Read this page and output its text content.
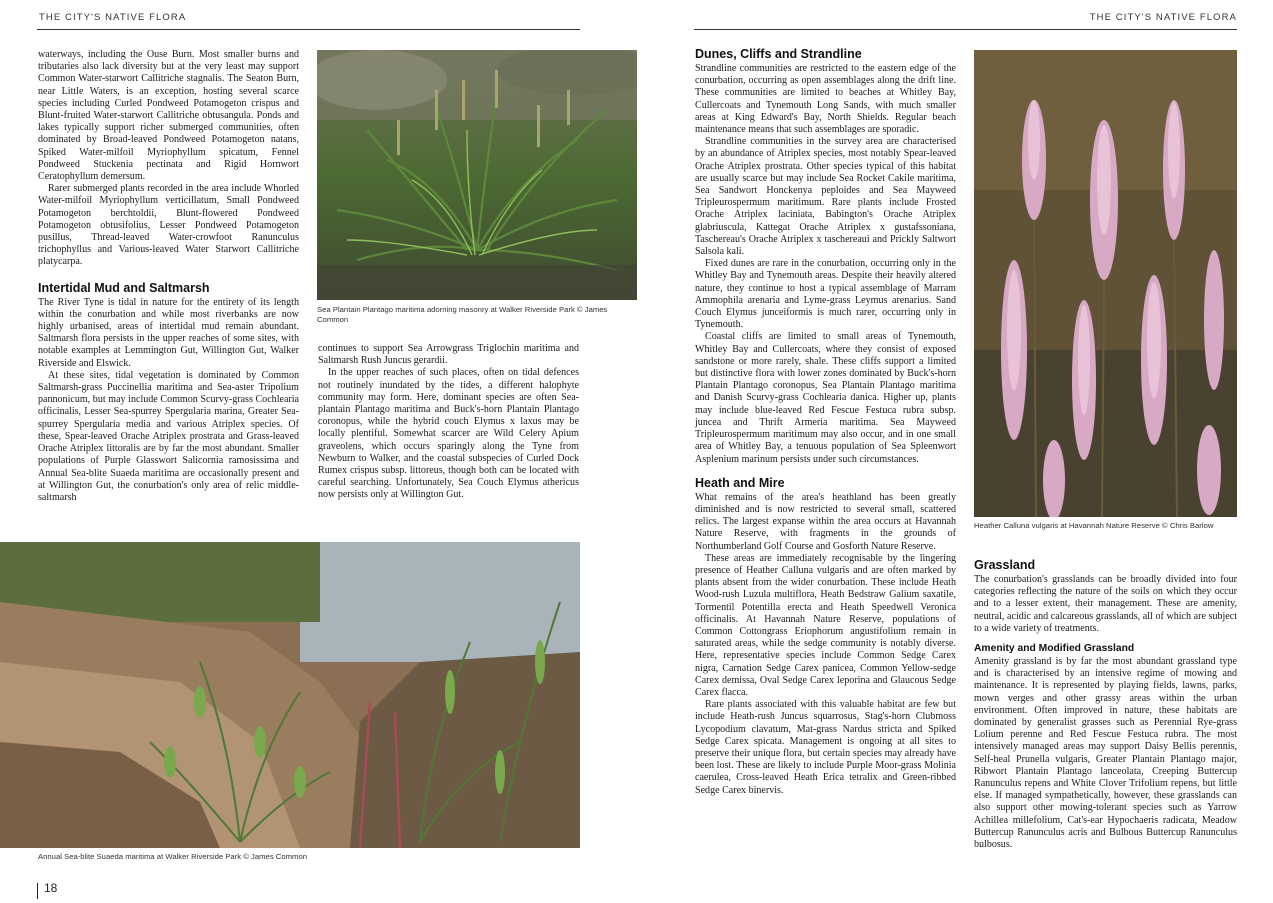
THE CITY'S NATIVE FLORA	THE CITY'S NATIVE FLORA

waterways, including the Ouse Burn. Most smaller burns and tributaries also lack diversity but at the very least may support Common Water-starwort Callitriche stagnalis. The Seaton Burn, near Little Waters, is an exception, hosting several scarce species including Curled Pondweed Potamogeton crispus and Blunt-fruited Water-starwort Callitriche obtusangula. Ponds and lakes typically support richer submerged communities, often dominated by Broad-leaved Pondweed Potamogeton natans, Spiked Water-milfoil Myriophyllum spicatum, Fennel Pondweed Stuckenia pectinata and Rigid Hornwort Ceratophyllum demersum.

Rarer submerged plants recorded in the area include Whorled Water-milfoil Myriophyllum verticillatum, Small Pondweed Potamogeton berchtoldii, Blunt-flowered Pondweed Potamogeton obtusifolius, Lesser Pondweed Potamogeton pusillus, Thread-leaved Water-crowfoot Ranunculus trichophyllus and Various-leaved Water Starwort Callitriche platycarpa.

Intertidal Mud and Saltmarsh

The River Tyne is tidal in nature for the entirety of its length within the conurbation and while most riverbanks are now highly urbanised, areas of intertidal mud remain abundant. Saltmarsh flora persists in the upper reaches of some sites, with notable examples at Lemmington Gut, Willington Gut, Walker Riverside and Elswick.

At these sites, tidal vegetation is dominated by Common Saltmarsh-grass Puccinellia maritima and Sea-aster Tripolium pannonicum, but may include Common Scurvy-grass Cochlearia officinalis, Lesser Sea-spurrey Spergularia marina, Greater Sea-spurrey Spergularia media and various Atriplex species. Of these, Spear-leaved Orache Atriplex prostrata and Grass-leaved Orache Atriplex littoralis are by far the most abundant. Smaller populations of Purple Glasswort Salicornia ramosissima and Annual Sea-blite Suaeda maritima are occasionally present and at Willington Gut, the conurbation's only area of relic middle-saltmarsh

Sea Plantain Plantago maritima adorning masonry at Walker Riverside Park © James Common

continues to support Sea Arrowgrass Triglochin maritima and Saltmarsh Rush Juncus gerardii.

In the upper reaches of such places, often on tidal defences not routinely inundated by the tides, a different halophyte community may form. Here, dominant species are often Sea-plantain Plantago maritima and Buck's-horn Plantain Plantago coronopus, while the hybrid couch Elymus x laxus may be locally plentiful. Somewhat scarcer are Wild Celery Apium graveolens, which occurs sparingly along the Tyne from Newburn to Walker, and the coastal subspecies of Curled Dock Rumex crispus subsp. littoreus, though both can be located with careful searching. Unfortunately, Sea Couch Elymus athericus now persists only at Willington Gut.

Annual Sea-blite Suaeda maritima at Walker Riverside Park © James Common
18
Dunes, Cliffs and Strandline

Strandline communities are restricted to the eastern edge of the conurbation, occurring as open assemblages along the drift line. These communities are limited to beaches at Whitley Bay, Cullercoats and Tynemouth Long Sands, with much smaller areas at King Edward's Bay, North Shields. Regular beach maintenance means that such assemblages are sporadic.

Strandline communities in the survey area are characterised by an abundance of Atriplex species, most notably Spear-leaved Orache Atriplex prostrata. Other species typical of this habitat are usually scarce but may include Sea Rocket Cakile maritima, Sea Sandwort Honckenya peploides and Sea Mayweed Tripleurospermum maritimum. Rare plants include Frosted Orache Atriplex laciniata, Babington's Orache Atriplex glabriuscula, Kattegat Orache Atriplex x gustafssoniana, Taschereau's Orache Atriplex x taschereaui and Prickly Saltwort Salsola kali.

Fixed dunes are rare in the conurbation, occurring only in the Whitley Bay and Tynemouth areas. Despite their heavily altered nature, they continue to host a typical assemblage of Marram Ammophila arenaria and Lyme-grass Leymus arenarius. Sand Couch Elymus junceiformis is much rarer, occurring only in Tynemouth.

Coastal cliffs are limited to small areas of Tynemouth, Whitley Bay and Cullercoats, where they consist of exposed sandstone or more rarely, shale. These cliffs support a limited but distinctive flora with lower zones dominated by Buck's-horn Plantain Plantago coronopus, Sea Plantain Plantago maritima and Danish Scurvy-grass Cochlearia danica. Higher up, plants may include blue-leaved Red Fescue Festuca rubra subsp. juncea and Thrift Armeria maritima. Sea Mayweed Tripleurospermum maritimum may also occur, and in one small area of Whitley Bay, a tenuous population of Sea Spleenwort Asplenium marinum persists under such circumstances.

Heath and Mire

What remains of the area's heathland has been greatly diminished and is now restricted to several small, scattered relics. The largest expanse within the area occurs at Havannah Nature Reserve, with fragments in the grounds of Northumberland Golf Course and Gosforth Nature Reserve.

These areas are immediately recognisable by the lingering presence of Heather Calluna vulgaris and are often marked by plants absent from the wider conurbation. These include Heath Wood-rush Luzula multiflora, Heath Bedstraw Galium saxatile, Tormentil Potentilla erecta and Heath Speedwell Veronica officinalis. At Havannah Nature Reserve, populations of Common Cottongrass Eriophorum angustifolium remain in saturated areas, while the sedge community is notably diverse. Here, representative species include Common Sedge Carex nigra, Carnation Sedge Carex panicea, Common Yellow-sedge Carex demissa, Oval Sedge Carex leporina and Glaucous Sedge Carex flacca.

Rare plants associated with this valuable habitat are few but include Heath-rush Juncus squarrosus, Stag's-horn Clubmoss Lycopodium clavatum, Mat-grass Nardus stricta and Spiked Sedge Carex spicata. Management is ongoing at all sites to preserve their unique flora, but certain species may already have been lost. These are likely to include Purple Moor-grass Molinia caerulea, Cross-leaved Heath Erica tetralix and Green-ribbed Sedge Carex binervis.

Heather Calluna vulgaris at Havannah Nature Reserve © Chris Barlow
Grassland

The conurbation's grasslands can be broadly divided into four categories reflecting the nature of the soils on which they occur and to a lesser extent, their management. These are amenity, neutral, acidic and calcareous grasslands, all of which are subject to a wide variety of treatments.

Amenity and Modified Grassland

Amenity grassland is by far the most abundant grassland type and is characterised by an intensive regime of mowing and maintenance. It is represented by playing fields, lawns, parks, mown verges and other grassy areas within the urban environment. Often improved in nature, these habitats are dominated by generalist grasses such as Perennial Rye-grass Lolium perenne and Red Fescue Festuca rubra. The most intensively managed areas may support Daisy Bellis perennis, Self-heal Prunella vulgaris, Greater Plantain Plantago major, Ribwort Plantain Plantago lanceolata, Creeping Buttercup Ranunculus repens and White Clover Trifolium repens, but little else. If managed sympathetically, however, these grasslands can also support other mowing-tolerant species such as Yarrow Achillea millefolium, Cat's-ear Hypochaeris radicata, Meadow Buttercup Ranunculus acris and Bulbous Buttercup Ranunculus bulbosus.
